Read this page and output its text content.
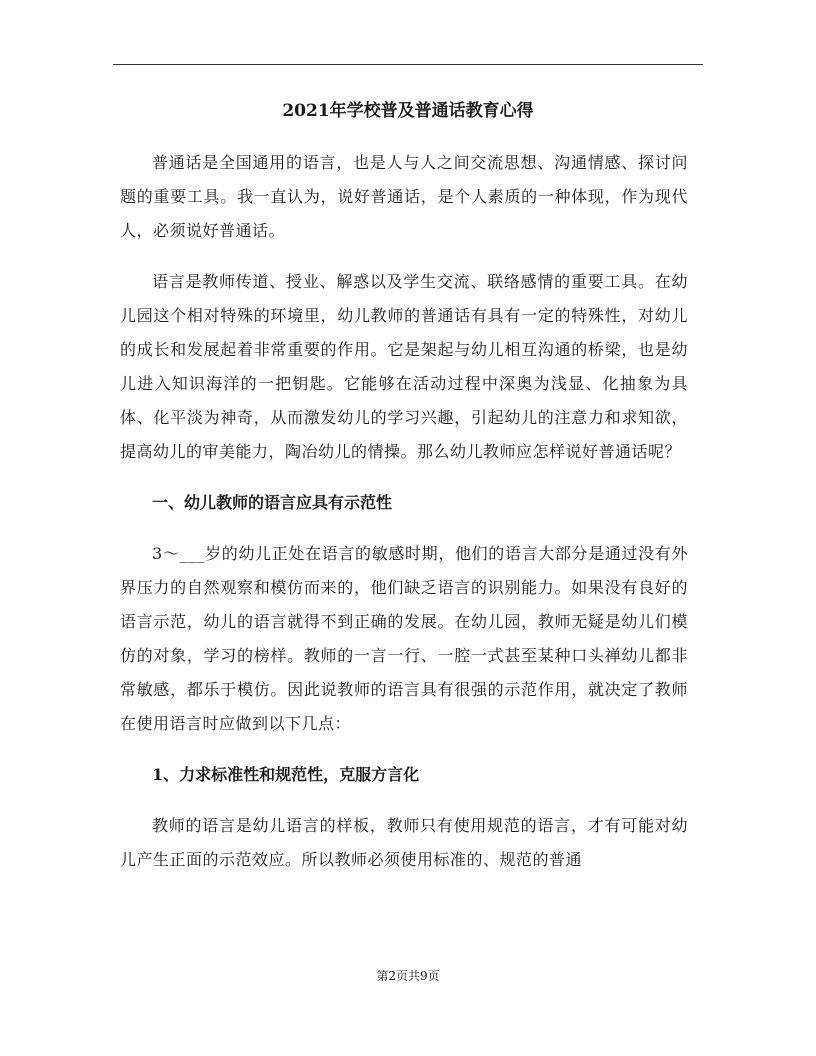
2021年学校普及普通话教育心得

普通话是全国通用的语言，也是人与人之间交流思想、沟通情感、探讨问题的重要工具。我一直认为，说好普通话，是个人素质的一种体现，作为现代人，必须说好普通话。

语言是教师传道、授业、解惑以及学生交流、联络感情的重要工具。在幼儿园这个相对特殊的环境里，幼儿教师的普通话有具有一定的特殊性，对幼儿的成长和发展起着非常重要的作用。它是架起与幼儿相互沟通的桥梁，也是幼儿进入知识海洋的一把钥匙。它能够在活动过程中深奥为浅显、化抽象为具体、化平淡为神奇，从而激发幼儿的学习兴趣，引起幼儿的注意力和求知欲，提高幼儿的审美能力，陶冶幼儿的情操。那么幼儿教师应怎样说好普通话呢？

一、幼儿教师的语言应具有示范性

3～___岁的幼儿正处在语言的敏感时期，他们的语言大部分是通过没有外界压力的自然观察和模仿而来的，他们缺乏语言的识别能力。如果没有良好的语言示范，幼儿的语言就得不到正确的发展。在幼儿园，教师无疑是幼儿们模仿的对象，学习的榜样。教师的一言一行、一腔一式甚至某种口头禅幼儿都非常敏感，都乐于模仿。因此说教师的语言具有很强的示范作用，就决定了教师在使用语言时应做到以下几点：

1、力求标准性和规范性，克服方言化

教师的语言是幼儿语言的样板，教师只有使用规范的语言，才有可能对幼儿产生正面的示范效应。所以教师必须使用标准的、规范的普通

第2页共9页
